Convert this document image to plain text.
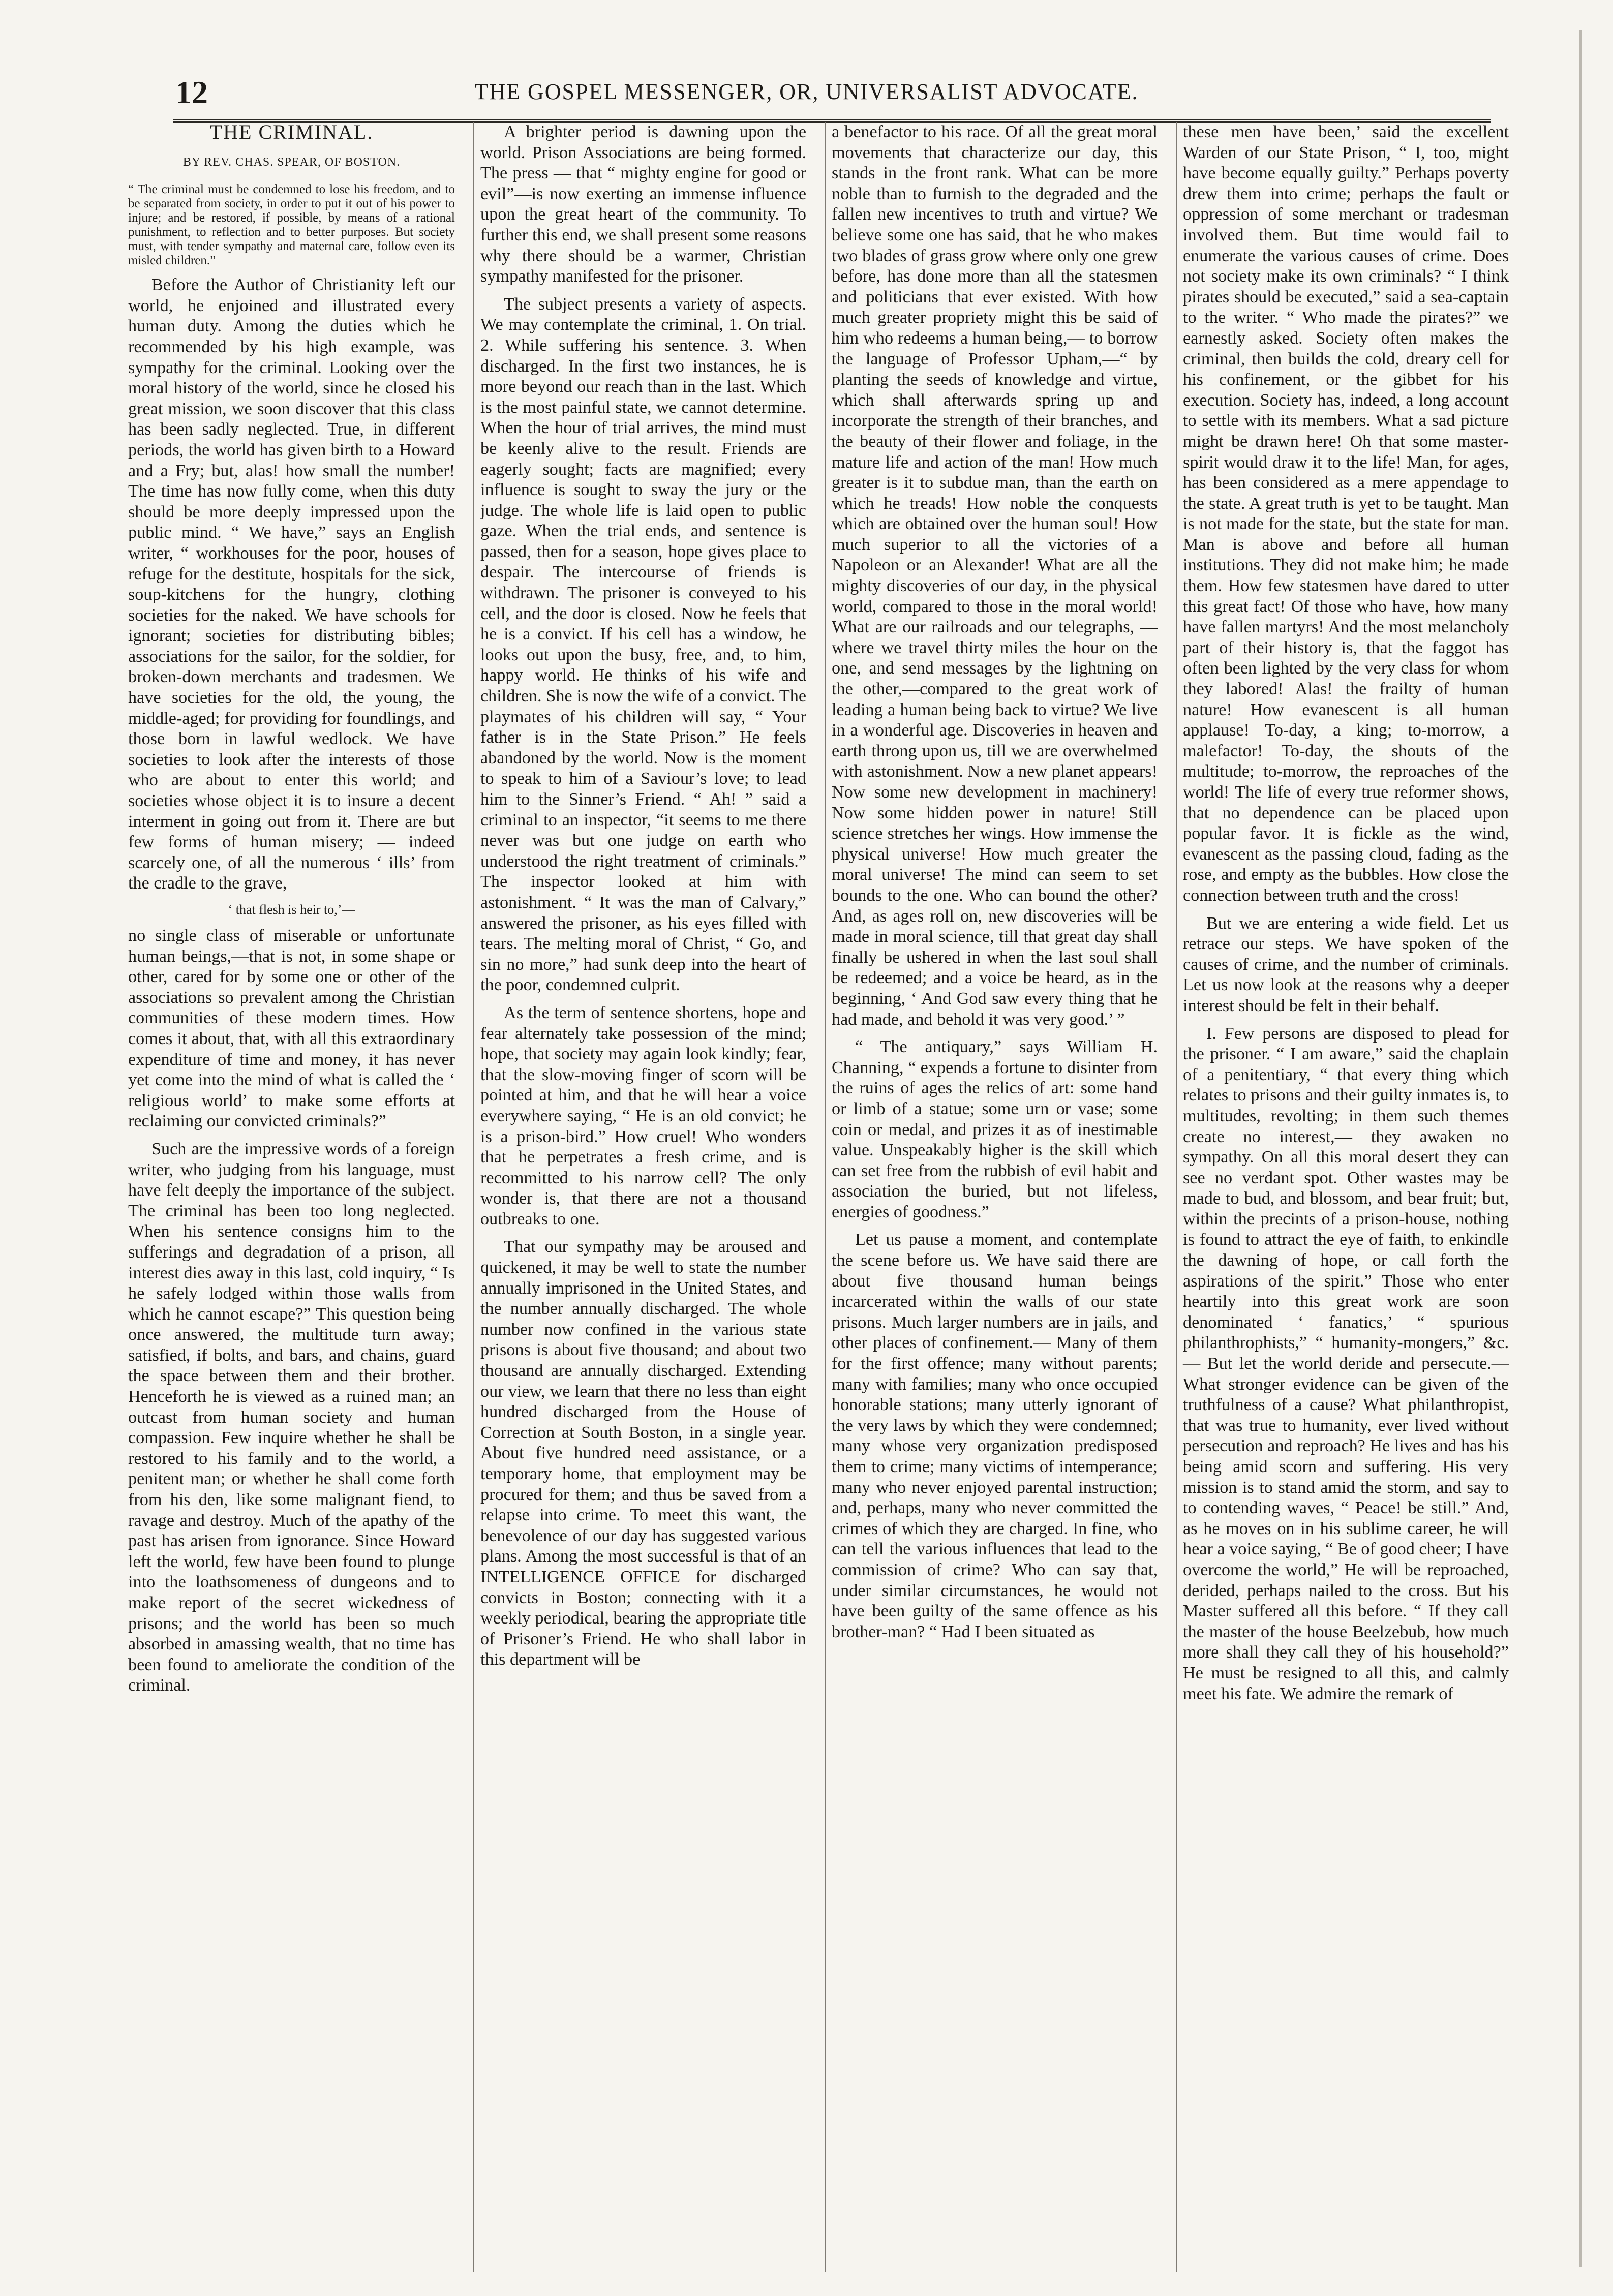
12	THE GOSPEL MESSENGER, OR, UNIVERSALIST ADVOCATE.
THE CRIMINAL.
BY REV. CHAS. SPEAR, OF BOSTON.
“ The criminal must be condemned to lose his freedom, and to be separated from society, in order to put it out of his power to injure; and be restored, if possible, by means of a rational punishment, to reflection and to better purposes. But society must, with tender sympathy and maternal care, follow even its misled children.”

Before the Author of Christianity left our world, he enjoined and illustrated every human duty. Among the duties which he recommended by his high example, was sympathy for the criminal. Looking over the moral history of the world, since he closed his great mission, we soon discover that this class has been sadly neglected. True, in different periods, the world has given birth to a Howard and a Fry; but, alas! how small the number! The time has now fully come, when this duty should be more deeply impressed upon the public mind. “ We have,” says an English writer, “ workhouses for the poor, houses of refuge for the destitute, hospitals for the sick, soup-kitchens for the hungry, clothing societies for the naked. We have schools for ignorant; societies for distributing bibles; associations for the sailor, for the soldier, for broken-down merchants and tradesmen. We have societies for the old, the young, the middle-aged; for providing for foundlings, and those born in lawful wedlock. We have societies to look after the interests of those who are about to enter this world; and societies whose object it is to insure a decent interment in going out from it. There are but few forms of human misery; — indeed scarcely one, of all the numerous ‘ ills’ from the cradle to the grave,

‘ that flesh is heir to,’—

no single class of miserable or unfortunate human beings,—that is not, in some shape or other, cared for by some one or other of the associations so prevalent among the Christian communities of these modern times. How comes it about, that, with all this extraordinary expenditure of time and money, it has never yet come into the mind of what is called the ‘ religious world’ to make some efforts at reclaiming our convicted criminals?”

Such are the impressive words of a foreign writer, who judging from his language, must have felt deeply the importance of the subject. The criminal has been too long neglected. When his sentence consigns him to the sufferings and degradation of a prison, all interest dies away in this last, cold inquiry, “ Is he safely lodged within those walls from which he cannot escape?” This question being once answered, the multitude turn away; satisfied, if bolts, and bars, and chains, guard the space between them and their brother. Henceforth he is viewed as a ruined man; an outcast from human society and human compassion. Few inquire whether he shall be restored to his family and to the world, a penitent man; or whether he shall come forth from his den, like some malignant fiend, to ravage and destroy. Much of the apathy of the past has arisen from ignorance. Since Howard left the world, few have been found to plunge into the loathsomeness of dungeons and to make report of the secret wickedness of prisons; and the world has been so much absorbed in amassing wealth, that no time has been found to ameliorate the condition of the criminal.

A brighter period is dawning upon the world. Prison Associations are being formed. The press — that “ mighty engine for good or evil”—is now exerting an immense influence upon the great heart of the community. To further this end, we shall present some reasons why there should be a warmer, Christian sympathy manifested for the prisoner.

The subject presents a variety of aspects. We may contemplate the criminal, 1. On trial. 2. While suffering his sentence. 3. When discharged. In the first two instances, he is more beyond our reach than in the last. Which is the most painful state, we cannot determine. When the hour of trial arrives, the mind must be keenly alive to the result. Friends are eagerly sought; facts are magnified; every influence is sought to sway the jury or the judge. The whole life is laid open to public gaze. When the trial ends, and sentence is passed, then for a season, hope gives place to despair. The intercourse of friends is withdrawn. The prisoner is conveyed to his cell, and the door is closed. Now he feels that he is a convict. If his cell has a window, he looks out upon the busy, free, and, to him, happy world. He thinks of his wife and children. She is now the wife of a convict. The playmates of his children will say, “ Your father is in the State Prison.” He feels abandoned by the world. Now is the moment to speak to him of a Saviour’s love; to lead him to the Sinner’s Friend. “ Ah! ” said a criminal to an inspector, “it seems to me there never was but one judge on earth who understood the right treatment of criminals.” The inspector looked at him with astonishment. “ It was the man of Calvary,” answered the prisoner, as his eyes filled with tears. The melting moral of Christ, “ Go, and sin no more,” had sunk deep into the heart of the poor, condemned culprit.

As the term of sentence shortens, hope and fear alternately take possession of the mind; hope, that society may again look kindly; fear, that the slow-moving finger of scorn will be pointed at him, and that he will hear a voice everywhere saying, “ He is an old convict; he is a prison-bird.” How cruel! Who wonders that he perpetrates a fresh crime, and is recommitted to his narrow cell? The only wonder is, that there are not a thousand outbreaks to one.

That our sympathy may be aroused and quickened, it may be well to state the number annually imprisoned in the United States, and the number annually discharged. The whole number now confined in the various state prisons is about five thousand; and about two thousand are annually discharged. Extending our view, we learn that there no less than eight hundred discharged from the House of Correction at South Boston, in a single year. About five hundred need assistance, or a temporary home, that employment may be procured for them; and thus be saved from a relapse into crime. To meet this want, the benevolence of our day has suggested various plans. Among the most successful is that of an INTELLIGENCE OFFICE for discharged convicts in Boston; connecting with it a weekly periodical, bearing the appropriate title of Prisoner’s Friend. He who shall labor in this department will be

a benefactor to his race. Of all the great moral movements that characterize our day, this stands in the front rank. What can be more noble than to furnish to the degraded and the fallen new incentives to truth and virtue? We believe some one has said, that he who makes two blades of grass grow where only one grew before, has done more than all the statesmen and politicians that ever existed. With how much greater propriety might this be said of him who redeems a human being,— to borrow the language of Professor Upham,—“ by planting the seeds of knowledge and virtue, which shall afterwards spring up and incorporate the strength of their branches, and the beauty of their flower and foliage, in the mature life and action of the man! How much greater is it to subdue man, than the earth on which he treads! How noble the conquests which are obtained over the human soul! How much superior to all the victories of a Napoleon or an Alexander! What are all the mighty discoveries of our day, in the physical world, compared to those in the moral world! What are our railroads and our telegraphs, — where we travel thirty miles the hour on the one, and send messages by the lightning on the other,—compared to the great work of leading a human being back to virtue? We live in a wonderful age. Discoveries in heaven and earth throng upon us, till we are overwhelmed with astonishment. Now a new planet appears! Now some new development in machinery! Now some hidden power in nature! Still science stretches her wings. How immense the physical universe! How much greater the moral universe! The mind can seem to set bounds to the one. Who can bound the other? And, as ages roll on, new discoveries will be made in moral science, till that great day shall finally be ushered in when the last soul shall be redeemed; and a voice be heard, as in the beginning, ‘ And God saw every thing that he had made, and behold it was very good.’ ”

“ The antiquary,” says William H. Channing, “ expends a fortune to disinter from the ruins of ages the relics of art: some hand or limb of a statue; some urn or vase; some coin or medal, and prizes it as of inestimable value. Unspeakably higher is the skill which can set free from the rubbish of evil habit and association the buried, but not lifeless, energies of goodness.”

Let us pause a moment, and contemplate the scene before us. We have said there are about five thousand human beings incarcerated within the walls of our state prisons. Much larger numbers are in jails, and other places of confinement.— Many of them for the first offence; many without parents; many with families; many who once occupied honorable stations; many utterly ignorant of the very laws by which they were condemned; many whose very organization predisposed them to crime; many victims of intemperance; many who never enjoyed parental instruction; and, perhaps, many who never committed the crimes of which they are charged. In fine, who can tell the various influences that lead to the commission of crime? Who can say that, under similar circumstances, he would not have been guilty of the same offence as his brother-man? “ Had I been situated as

these men have been,’ said the excellent Warden of our State Prison, “ I, too, might have become equally guilty.” Perhaps poverty drew them into crime; perhaps the fault or oppression of some merchant or tradesman involved them. But time would fail to enumerate the various causes of crime. Does not society make its own criminals? “ I think pirates should be executed,” said a sea-captain to the writer. “ Who made the pirates?” we earnestly asked. Society often makes the criminal, then builds the cold, dreary cell for his confinement, or the gibbet for his execution. Society has, indeed, a long account to settle with its members. What a sad picture might be drawn here! Oh that some master-spirit would draw it to the life! Man, for ages, has been considered as a mere appendage to the state. A great truth is yet to be taught. Man is not made for the state, but the state for man. Man is above and before all human institutions. They did not make him; he made them. How few statesmen have dared to utter this great fact! Of those who have, how many have fallen martyrs! And the most melancholy part of their history is, that the faggot has often been lighted by the very class for whom they labored! Alas! the frailty of human nature! How evanescent is all human applause! To-day, a king; to-morrow, a malefactor! To-day, the shouts of the multitude; to-morrow, the reproaches of the world! The life of every true reformer shows, that no dependence can be placed upon popular favor. It is fickle as the wind, evanescent as the passing cloud, fading as the rose, and empty as the bubbles. How close the connection between truth and the cross!

But we are entering a wide field. Let us retrace our steps. We have spoken of the causes of crime, and the number of criminals. Let us now look at the reasons why a deeper interest should be felt in their behalf.

I. Few persons are disposed to plead for the prisoner. “ I am aware,” said the chaplain of a penitentiary, “ that every thing which relates to prisons and their guilty inmates is, to multitudes, revolting; in them such themes create no interest,— they awaken no sympathy. On all this moral desert they can see no verdant spot. Other wastes may be made to bud, and blossom, and bear fruit; but, within the precints of a prison-house, nothing is found to attract the eye of faith, to enkindle the dawning of hope, or call forth the aspirations of the spirit.” Those who enter heartily into this great work are soon denominated ‘ fanatics,’ “ spurious philanthrophists,” “ humanity-mongers,” &c.— But let the world deride and persecute.— What stronger evidence can be given of the truthfulness of a cause? What philanthropist, that was true to humanity, ever lived without persecution and reproach? He lives and has his being amid scorn and suffering. His very mission is to stand amid the storm, and say to to contending waves, “ Peace! be still.” And, as he moves on in his sublime career, he will hear a voice saying, “ Be of good cheer; I have overcome the world,” He will be reproached, derided, perhaps nailed to the cross. But his Master suffered all this before. “ If they call the master of the house Beelzebub, how much more shall they call they of his household?” He must be resigned to all this, and calmly meet his fate. We admire the remark of
